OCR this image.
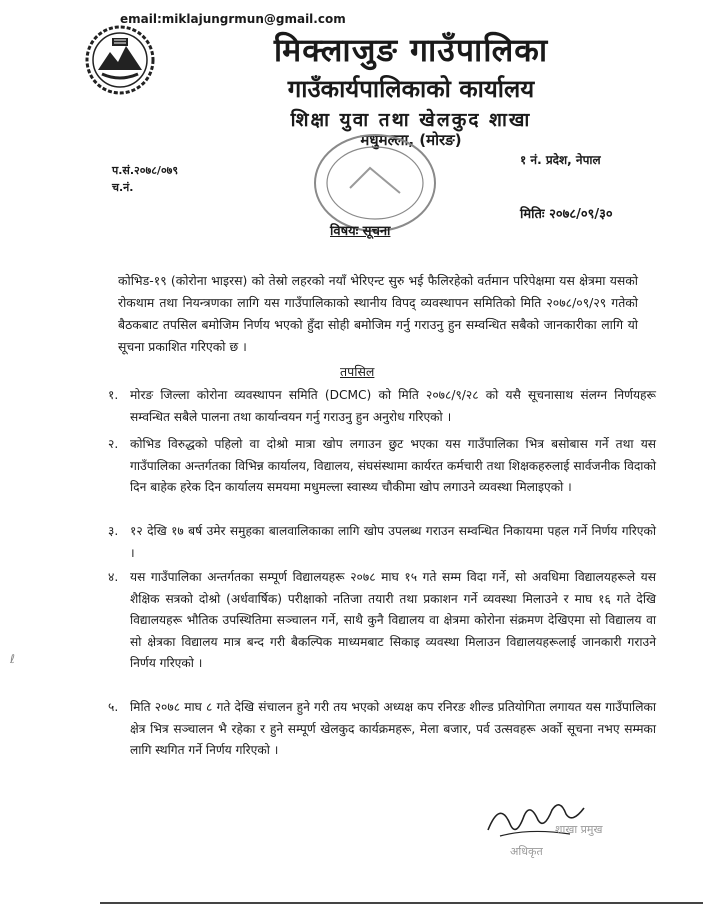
email:miklajungrmun@gmail.com
मिक्लाजुङ गाउँपालिका
गाउँकार्यपालिकाको कार्यालय
शिक्षा युवा तथा खेलकुद शाखा
मधुमल्ला, (मोरङ)
१ नं. प्रदेश, नेपाल
प.सं.२०७८/०७९
च.नं.
मितिः २०७८/०९/३०
विषयः सूचना
कोभिड-१९ (कोरोना भाइरस) को तेस्रो लहरको नयाँ भेरिएन्ट सुरु भई फैलिरहेको वर्तमान परिपेक्षमा यस क्षेत्रमा यसको रोकथाम तथा नियन्त्रणका लागि यस गाउँपालिकाको स्थानीय विपद् व्यवस्थापन समितिको मिति २०७८/०९/२९ गतेको बैठकबाट तपसिल बमोजिम निर्णय भएको हुँदा सोही बमोजिम गर्नु गराउनु हुन सम्वन्धित सबैको जानकारीका लागि यो सूचना प्रकाशित गरिएको छ ।
तपसिल
१. मोरङ जिल्ला कोरोना व्यवस्थापन समिति (DCMC) को मिति २०७८/९/२८ को यसै सूचनासाथ संलग्न निर्णयहरू सम्वन्धित सबैले पालना तथा कार्यान्वयन गर्नु गराउनु हुन अनुरोध गरिएको ।
२. कोभिड विरुद्धको पहिलो वा दोश्रो मात्रा खोप लगाउन छुट भएका यस गाउँपालिका भित्र बसोबास गर्ने तथा यस गाउँपालिका अन्तर्गतका विभिन्न कार्यालय, विद्यालय, संघसंस्थामा कार्यरत कर्मचारी तथा शिक्षकहरुलाई सार्वजनीक विदाको दिन बाहेक हरेक दिन कार्यालय समयमा मधुमल्ला स्वास्थ्य चौकीमा खोप लगाउने व्यवस्था मिलाइएको ।
३. १२ देखि १७ बर्ष उमेर समुहका बालवालिकाका लागि खोप उपलब्ध गराउन सम्वन्धित निकायमा पहल गर्ने निर्णय गरिएको ।
४. यस गाउँपालिका अन्तर्गतका सम्पूर्ण विद्यालयहरू २०७८ माघ १५ गते सम्म विदा गर्ने, सो अवधिमा विद्यालयहरूले यस शैक्षिक सत्रको दोश्रो (अर्धवार्षिक) परीक्षाको नतिजा तयारी तथा प्रकाशन गर्ने व्यवस्था मिलाउने र माघ १६ गते देखि विद्यालयहरू भौतिक उपस्थितिमा सञ्चालन गर्ने, साथै कुनै विद्यालय वा क्षेत्रमा कोरोना संक्रमण देखिएमा सो विद्यालय वा सो क्षेत्रका विद्यालय मात्र बन्द गरी बैकल्पिक माध्यमबाट सिकाइ व्यवस्था मिलाउन विद्यालयहरूलाई जानकारी गराउने निर्णय गरिएको ।
५. मिति २०७८ माघ ८ गते देखि संचालन हुने गरी तय भएको अध्यक्ष कप रनिरङ शील्ड प्रतियोगिता लगायत यस गाउँपालिका क्षेत्र भित्र सञ्चालन भै रहेका र हुने सम्पूर्ण खेलकुद कार्यक्रमहरू, मेला बजार, पर्व उत्सवहरू अर्को सूचना नभए सम्मका लागि स्थगित गर्ने निर्णय गरिएको ।
शाखा प्रमुख
अधिकृत
ℓ
